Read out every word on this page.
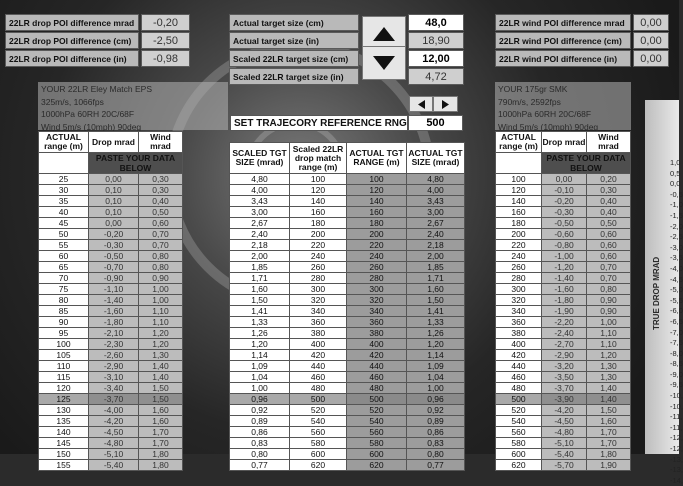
22LR drop POI difference mrad	-0,20
22LR drop POI difference (cm)	-2,50
22LR drop POI difference (in)	-0,98
Actual target size (cm)	48,0
Actual target size (in)	18,90
Scaled 22LR target size (cm)	12,00
Scaled 22LR target size (in)	4,72
22LR wind POI difference mrad	0,00
22LR wind POI difference (cm)	0,00
22LR wind POI difference (in)	0,00
YOUR 22LR Eley Match EPS
325m/s, 1066fps
1000hPa 60RH 20C/68F
Wind 5m/s (10mph) 90deg
YOUR 175gr SMK
790m/s, 2592fps
1000hPa 60RH 20C/68F
Wind 5m/s (10mph) 90deg
SET TRAJECORY REFERENCE RNG	500
ACTUAL range (m)	Drop mrad	Wind mrad
	PASTE YOUR DATA BELOW	
25	0,00	0,30
30	0,10	0,30
35	0,10	0,40
40	0,10	0,50
45	0,00	0,60
50	-0,20	0,70
55	-0,30	0,70
60	-0,50	0,80
65	-0,70	0,80
70	-0,90	0,90
75	-1,10	1,00
80	-1,40	1,00
85	-1,60	1,10
90	-1,80	1,10
95	-2,10	1,20
100	-2,30	1,20
105	-2,60	1,30
110	-2,90	1,40
115	-3,10	1,40
120	-3,40	1,50
125	-3,70	1,50
130	-4,00	1,60
135	-4,20	1,60
140	-4,50	1,70
145	-4,80	1,70
150	-5,10	1,80
155	-5,40	1,80
SCALED TGT SIZE (mrad)	Scaled 22LR drop match range (m)	ACTUAL TGT RANGE (m)	ACTUAL TGT SIZE (mrad)
4,80	100	100	4,80
4,00	120	120	4,00
3,43	140	140	3,43
3,00	160	160	3,00
2,67	180	180	2,67
2,40	200	200	2,40
2,18	220	220	2,18
2,00	240	240	2,00
1,85	260	260	1,85
1,71	280	280	1,71
1,60	300	300	1,60
1,50	320	320	1,50
1,41	340	340	1,41
1,33	360	360	1,33
1,26	380	380	1,26
1,20	400	400	1,20
1,14	420	420	1,14
1,09	440	440	1,09
1,04	460	460	1,04
1,00	480	480	1,00
0,96	500	500	0,96
0,92	520	520	0,92
0,89	540	540	0,89
0,86	560	560	0,86
0,83	580	580	0,83
0,80	600	600	0,80
0,77	620	620	0,77
ACTUAL range (m)	Drop mrad	Wind mrad
	PASTE YOUR DATA BELOW	
100	0,00	0,20
120	-0,10	0,30
140	-0,20	0,40
160	-0,30	0,40
180	-0,50	0,50
200	-0,60	0,60
220	-0,80	0,60
240	-1,00	0,60
260	-1,20	0,70
280	-1,40	0,70
300	-1,60	0,80
320	-1,80	0,90
340	-1,90	0,90
360	-2,20	1,00
380	-2,40	1,10
400	-2,70	1,10
420	-2,90	1,20
440	-3,20	1,30
460	-3,50	1,30
480	-3,70	1,40
500	-3,90	1,40
520	-4,20	1,50
540	-4,50	1,60
560	-4,80	1,70
580	-5,10	1,70
600	-5,40	1,80
620	-5,70	1,90
TRUE DROP MRAD
1,0
0,5
0,0
-0,5
-1,0
-1,5
-2,0
-2,5
-3,0
-3,5
-4,0
-4,5
-5,0
-5,5
-6,0
-6,5
-7,0
-7,5
-8,0
-8,5
-9,0
-9,5
-10,
-10,
-11,
-11,
-12,
-12,
-13,
-13,
-14,
